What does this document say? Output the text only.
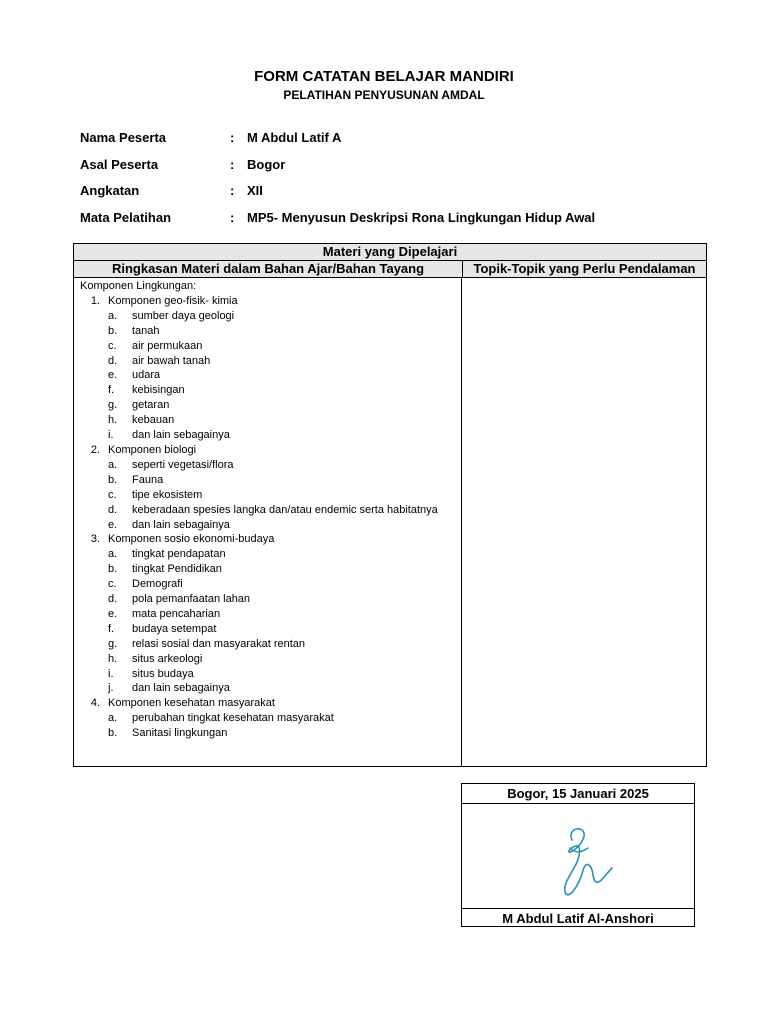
FORM CATATAN BELAJAR MANDIRI
PELATIHAN PENYUSUNAN AMDAL
Nama Peserta	: M Abdul Latif A
Asal Peserta	: Bogor
Angkatan	: XII
Mata Pelatihan	: MP5- Menyusun Deskripsi Rona Lingkungan Hidup Awal
Materi yang Dipelajari
Ringkasan Materi dalam Bahan Ajar/Bahan Tayang	Topik-Topik yang Perlu Pendalaman
Komponen Lingkungan:
1. Komponen geo-fisik- kimia
a.	sumber daya geologi
b.	tanah
c.	air permukaan
d.	air bawah tanah
e.	udara
f.	kebisingan
g.	getaran
h.	kebauan
i.	dan lain sebagainya
2. Komponen biologi
a.	seperti vegetasi/flora
b.	Fauna
c.	tipe ekosistem
d.	keberadaan spesies langka dan/atau endemic serta habitatnya
e.	dan lain sebagainya
3. Komponen sosio ekonomi-budaya
a.	tingkat pendapatan
b.	tingkat Pendidikan
c.	Demografi
d.	pola pemanfaatan lahan
e.	mata pencaharian
f.	budaya setempat
g.	relasi sosial dan masyarakat rentan
h.	situs arkeologi
i.	situs budaya
j.	dan lain sebagainya
4. Komponen kesehatan masyarakat
a.	perubahan tingkat kesehatan masyarakat
b.	Sanitasi lingkungan
Bogor, 15 Januari 2025
M Abdul Latif Al-Anshori
